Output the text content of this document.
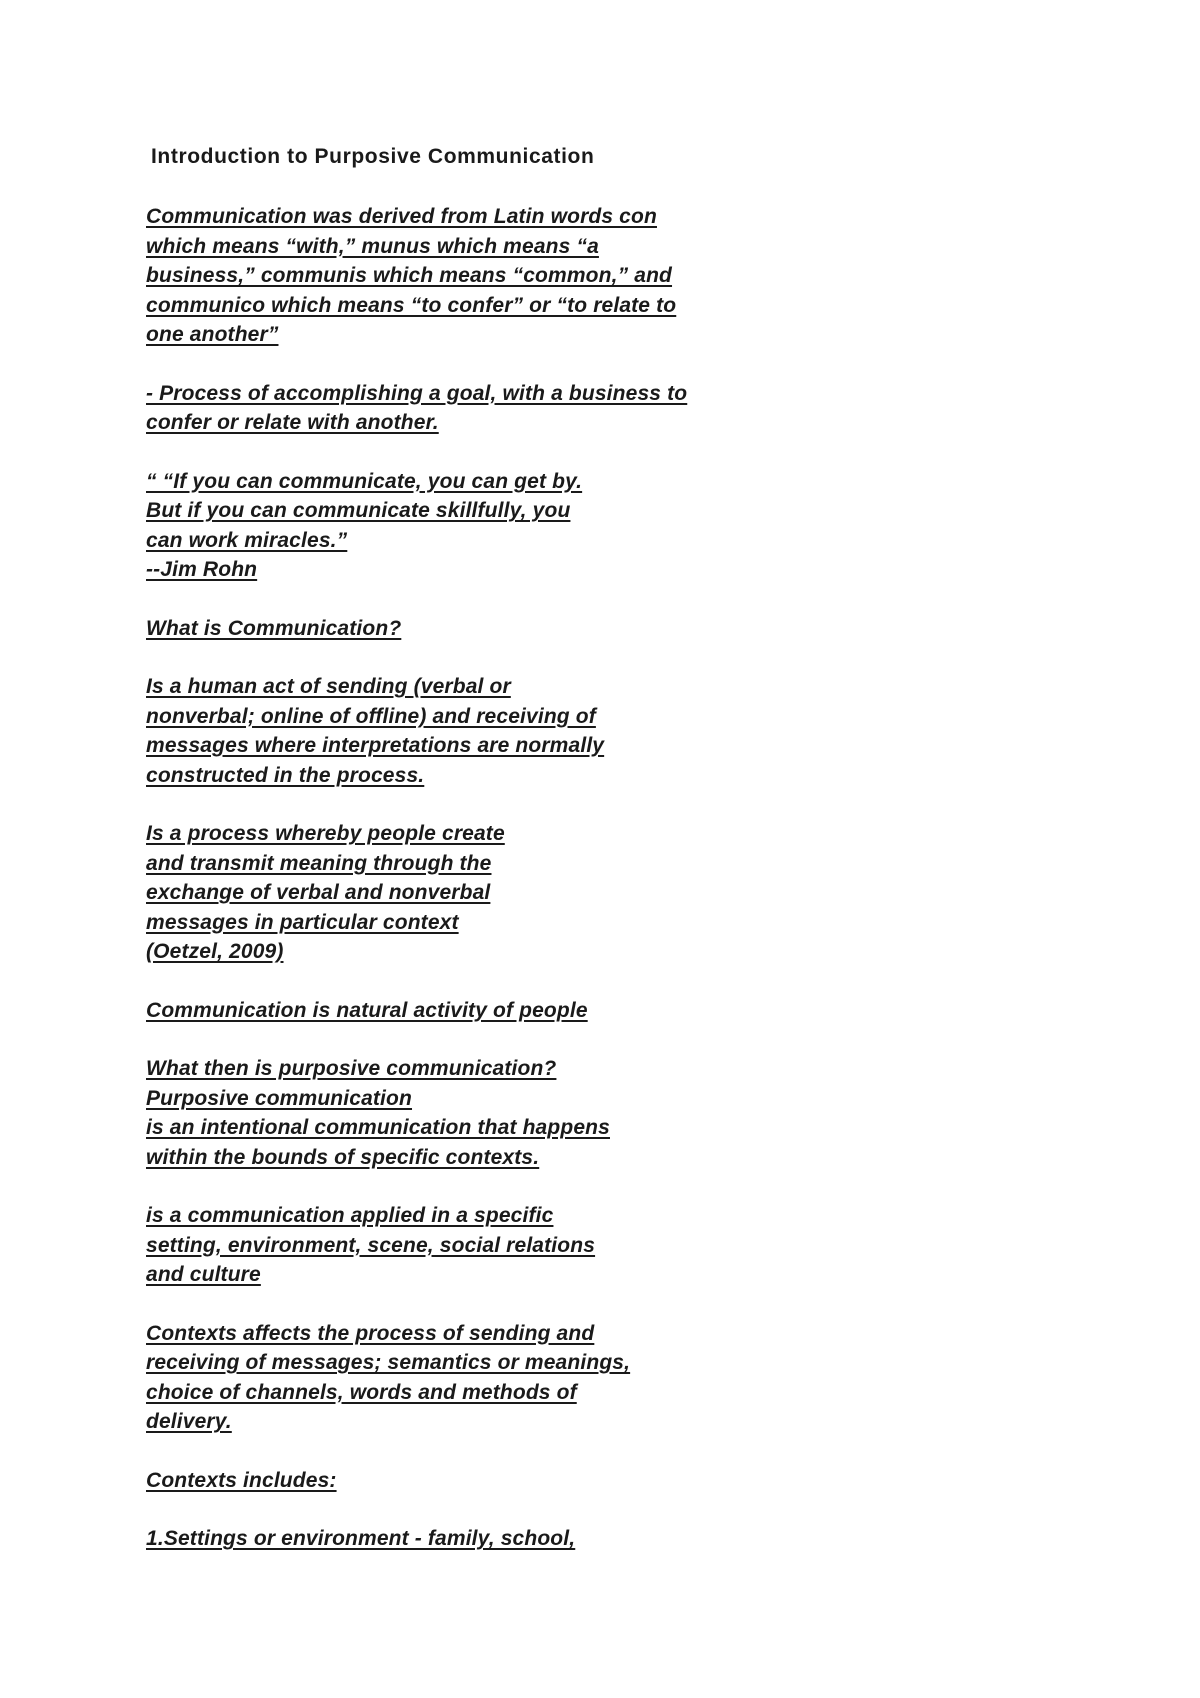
Introduction to Purposive Communication
Communication was derived from Latin words con
which means “with,” munus which means “a
business,” communis which means “common,” and
communico which means “to confer” or “to relate to
one another”
- Process of accomplishing a goal, with a business to
confer or relate with another.
“ “If you can communicate, you can get by.
But if you can communicate skillfully, you
can work miracles.”
--Jim Rohn
What is Communication?
Is a human act of sending (verbal or
nonverbal; online of offline) and receiving of
messages where interpretations are normally
constructed in the process.
Is a process whereby people create
and transmit meaning through the
exchange of verbal and nonverbal
messages in particular context
(Oetzel, 2009)
Communication is natural activity of people
What then is purposive communication?
Purposive communication
is an intentional communication that happens
within the bounds of specific contexts.
is a communication applied in a specific
setting, environment, scene, social relations
and culture
Contexts affects the process of sending and
receiving of messages; semantics or meanings,
choice of channels, words and methods of
delivery.
Contexts includes:
1.Settings or environment - family, school,
